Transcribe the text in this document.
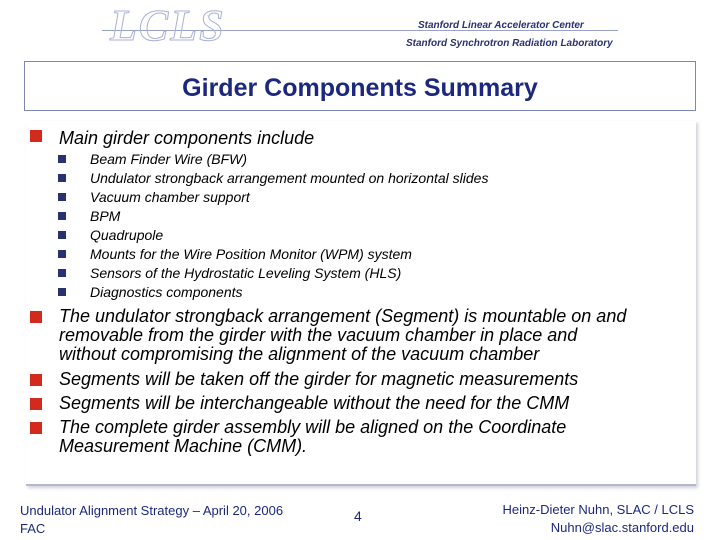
LCLS	Stanford Linear Accelerator Center
Stanford Synchrotron Radiation Laboratory
Girder Components Summary
Main girder components include
Beam Finder Wire (BFW)
Undulator strongback arrangement mounted on horizontal slides
Vacuum chamber support
BPM
Quadrupole
Mounts for the Wire Position Monitor (WPM) system
Sensors of the Hydrostatic Leveling System (HLS)
Diagnostics components
The undulator strongback arrangement (Segment) is mountable on and
removable from the girder with the vacuum chamber in place and
without compromising the alignment of the vacuum chamber
Segments will be taken off the girder for magnetic measurements
Segments will be interchangeable without the need for the CMM
The complete girder assembly will be aligned on the Coordinate
Measurement Machine (CMM).
Undulator Alignment Strategy – April 20, 2006
FAC
4	Heinz-Dieter Nuhn, SLAC / LCLS
Nuhn@slac.stanford.edu
